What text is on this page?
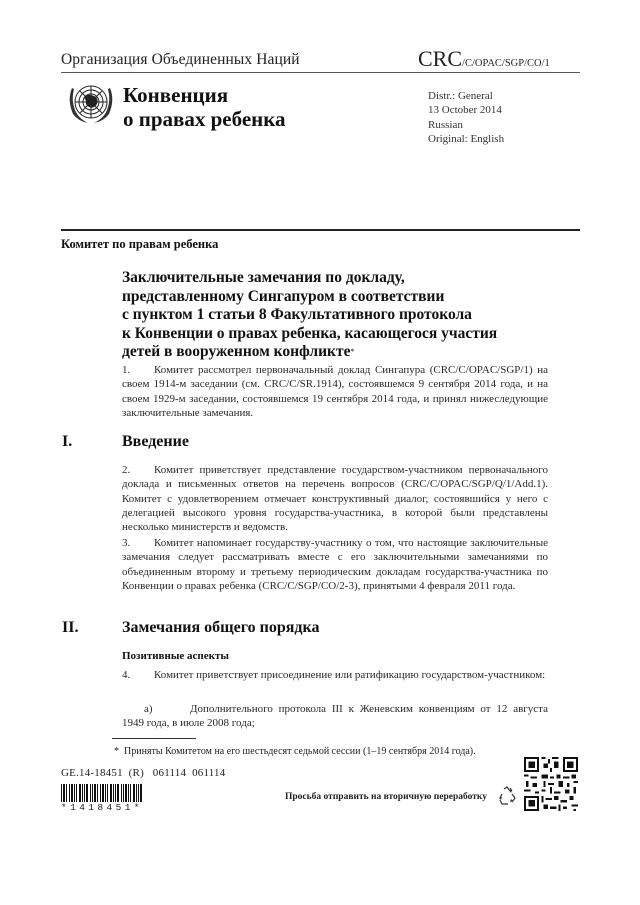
Организация Объединенных Наций	CRC/C/OPAC/SGP/CO/1
Конвенция
о правах ребенка
Distr.: General
13 October 2014
Russian
Original: English
Комитет по правам ребенка
Заключительные замечания по докладу,
представленному Сингапуром в соответствии
с пунктом 1 статьи 8 Факультативного протокола
к Конвенции о правах ребенка, касающегося участия
детей в вооруженном конфликте*
1. Комитет рассмотрел первоначальный доклад Сингапура (CRC/C/OPAC/SGP/1) на своем 1914-м заседании (см. CRC/C/SR.1914), состоявшемся 9 сентября 2014 года, и на своем 1929-м заседании, состоявшемся 19 сентября 2014 года, и принял нижеследующие заключительные замечания.
I.	Введение
2. Комитет приветствует представление государством-участником первоначального доклада и письменных ответов на перечень вопросов (CRC/C/OPAC/SGP/Q/1/Add.1). Комитет с удовлетворением отмечает конструктивный диалог, состоявшийся у него с делегацией высокого уровня государства-участника, в которой были представлены несколько министерств и ведомств.
3. Комитет напоминает государству-участнику о том, что настоящие заключительные замечания следует рассматривать вместе с его заключительными замечаниями по объединенным второму и третьему периодическим докладам государства-участника по Конвенции о правах ребенка (CRC/C/SGP/CO/2-3), принятыми 4 февраля 2011 года.
II.	Замечания общего порядка
Позитивные аспекты
4. Комитет приветствует присоединение или ратификацию государством-участником:
a)	Дополнительного протокола III к Женевским конвенциям от 12 августа 1949 года, в июле 2008 года;
* Приняты Комитетом на его шестьдесят седьмой сессии (1–19 сентября 2014 года).
GE.14-18451  (R)   061114  061114
*1418451*
Просьба отправить на вторичную переработку
